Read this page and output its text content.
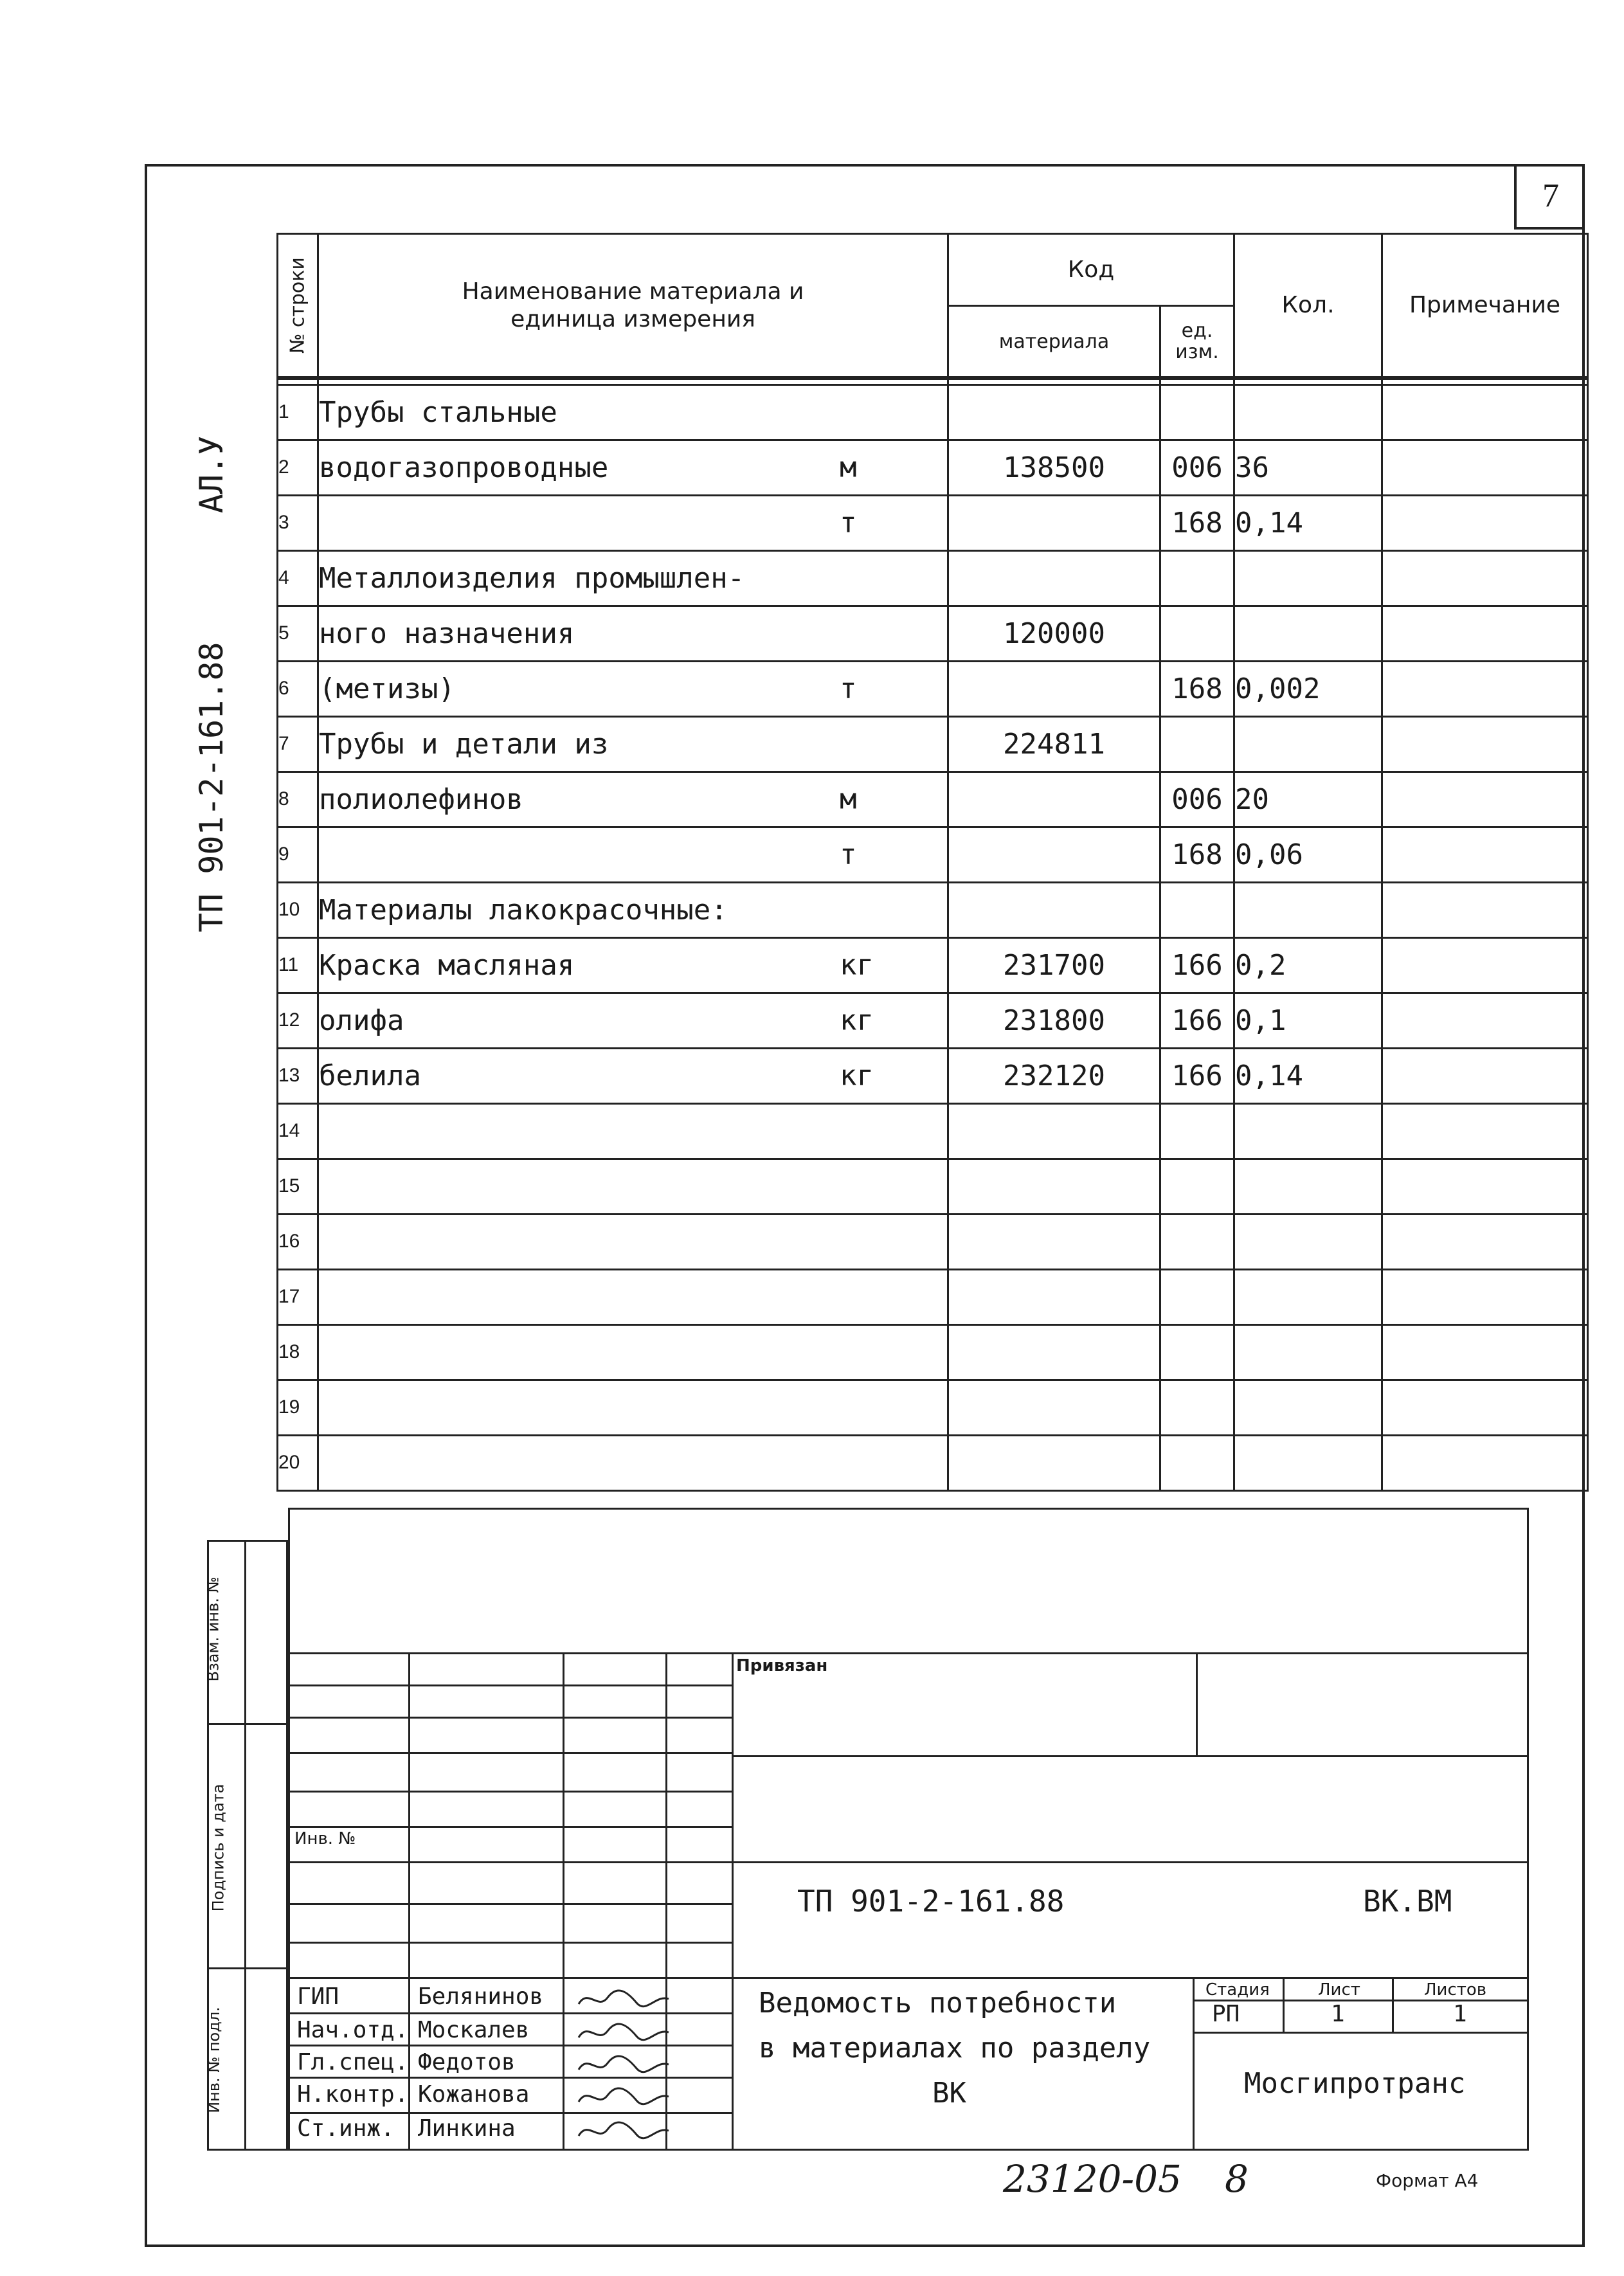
7
ТП 901-2-161.88  АЛ.У
№ строки	Наименование материала и единица измерения	Код		Кол.	Примечание
		материала	ед. изм.		

1	Трубы стальные

2	водогазопроводные м	138500	006	36	
3	т		168	0,14	
4	Металлоизделия промышлен-

5	ного назначения	120000			
6	(метизы) т		168	0,002	
7	Трубы и детали из	224811			
8	полиолефинов м		006	20	
9	т		168	0,06	
10	Материалы лакокрасочные:

11	Краска масляная кг	231700	166	0,2	
12	олифа кг	231800	166	0,1	
13	белила кг	232120	166	0,14	
14	

15	

16	

17	

18	

19	

20	

Взам. инв. №
Подпись и дата
Инв. № подл.
Привязан
Инв. №
ТП 901-2-161.88	ВК.ВМ
Стадия	Лист	Листов
РП	1	1
Мосгипротранс
Ведомость потребности
в материалах по разделу
ВК
ГИП	Белянинов
Нач.отд. Москалев
Гл.спец. Федотов
Н.контр. Кожанова
Ст.инж. Линкина
23120-05 8	Формат А4
